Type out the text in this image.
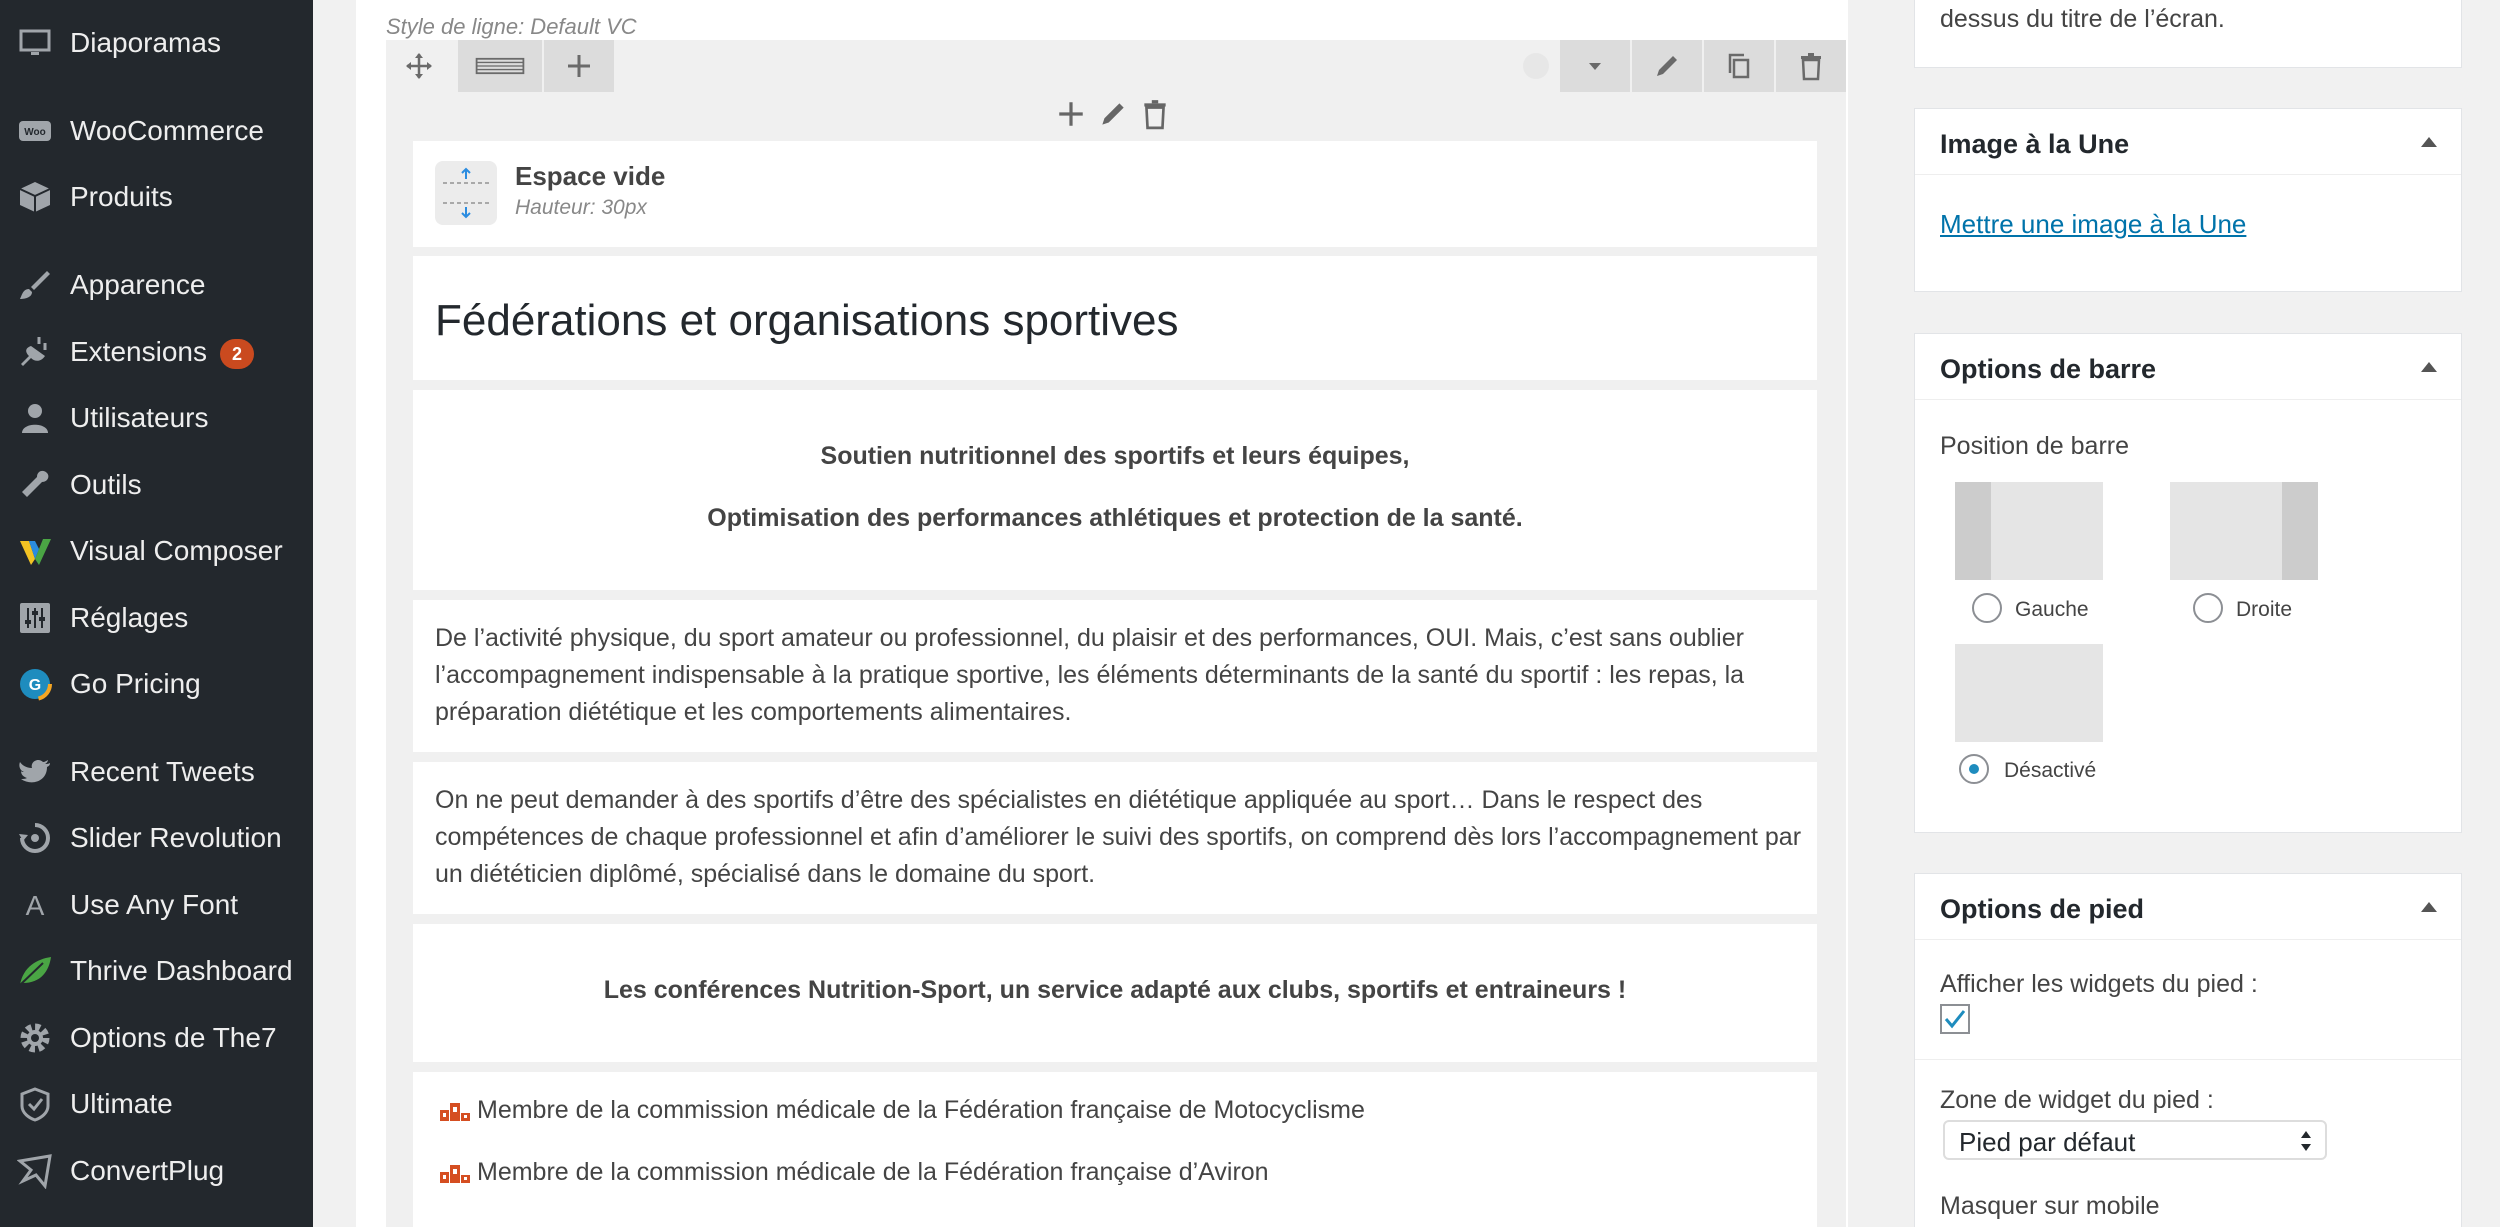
Diaporamas
Woo WooCommerce
Produits
Apparence
Extensions	2
Utilisateurs
Outils
Visual Composer
Réglages
G Go Pricing
Recent Tweets
Slider Revolution
A Use Any Font
Thrive Dashboard
Options de The7
Ultimate
ConvertPlug
Style de ligne: Default VC
Espace vide
Hauteur: 30px
Fédérations et organisations sportives
Soutien nutritionnel des sportifs et leurs équipes,
Optimisation des performances athlétiques et protection de la santé.
De l’activité physique, du sport amateur ou professionnel, du plaisir et des performances, OUI. Mais, c’est sans oublier l’accompagnement indispensable à la pratique sportive, les éléments déterminants de la santé du sportif : les repas, la préparation diététique et les comportements alimentaires.
On ne peut demander à des sportifs d’être des spécialistes en diététique appliquée au sport… Dans le respect des compétences de chaque professionnel et afin d’améliorer le suivi des sportifs, on comprend dès lors l’accompagnement par un diététicien diplômé, spécialisé dans le domaine du sport.
Les conférences Nutrition-Sport, un service adapté aux clubs, sportifs et entraineurs !
Membre de la commission médicale de la Fédération française de Motocyclisme
Membre de la commission médicale de la Fédération française d’Aviron
dessus du titre de l’écran.
Image à la Une
Mettre une image à la Une
Options de barre
Position de barre
Gauche	Droite
Désactivé
Options de pied
Afficher les widgets du pied :
Zone de widget du pied :
Pied par défaut
Masquer sur mobile
